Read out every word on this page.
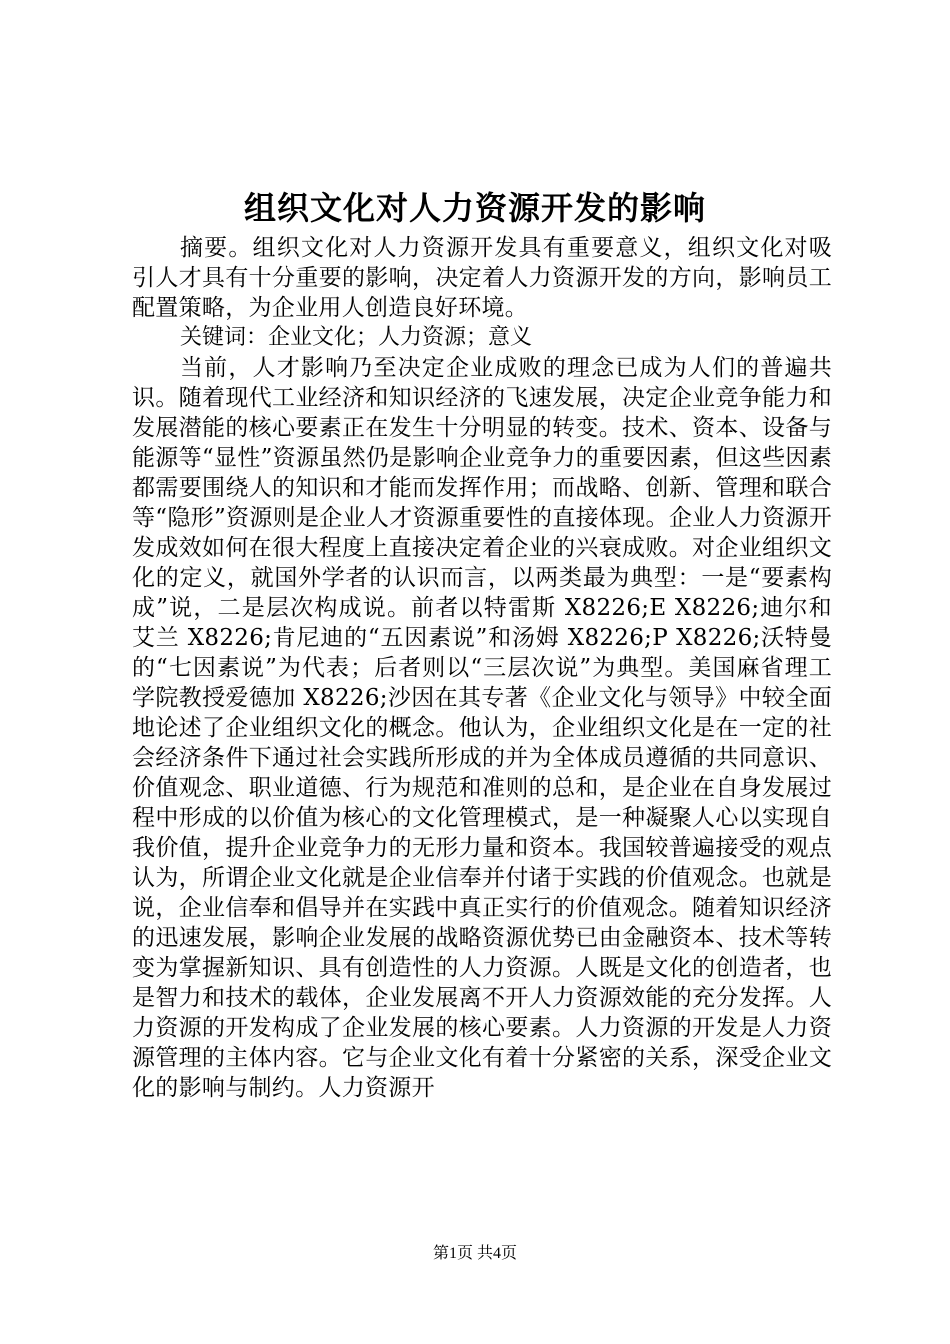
组织文化对人力资源开发的影响

摘要。组织文化对人力资源开发具有重要意义，组织文化对吸引人才具有十分重要的影响，决定着人力资源开发的方向，影响员工配置策略，为企业用人创造良好环境。

关键词：企业文化；人力资源；意义

当前，人才影响乃至决定企业成败的理念已成为人们的普遍共识。随着现代工业经济和知识经济的飞速发展，决定企业竞争能力和发展潜能的核心要素正在发生十分明显的转变。技术、资本、设备与能源等“显性”资源虽然仍是影响企业竞争力的重要因素，但这些因素都需要围绕人的知识和才能而发挥作用；而战略、创新、管理和联合等“隐形”资源则是企业人才资源重要性的直接体现。企业人力资源开发成效如何在很大程度上直接决定着企业的兴衰成败。对企业组织文化的定义，就国外学者的认识而言，以两类最为典型：一是“要素构成”说，二是层次构成说。前者以特雷斯 X8226;E X8226;迪尔和艾兰 X8226;肯尼迪的“五因素说”和汤姆 X8226;P X8226;沃特曼的“七因素说”为代表；后者则以“三层次说”为典型。美国麻省理工学院教授爱德加 X8226;沙因在其专著《企业文化与领导》中较全面地论述了企业组织文化的概念。他认为，企业组织文化是在一定的社会经济条件下通过社会实践所形成的并为全体成员遵循的共同意识、价值观念、职业道德、行为规范和准则的总和，是企业在自身发展过程中形成的以价值为核心的文化管理模式，是一种凝聚人心以实现自我价值，提升企业竞争力的无形力量和资本。我国较普遍接受的观点认为，所谓企业文化就是企业信奉并付诸于实践的价值观念。也就是说，企业信奉和倡导并在实践中真正实行的价值观念。随着知识经济的迅速发展，影响企业发展的战略资源优势已由金融资本、技术等转变为掌握新知识、具有创造性的人力资源。人既是文化的创造者，也是智力和技术的载体，企业发展离不开人力资源效能的充分发挥。人力资源的开发构成了企业发展的核心要素。人力资源的开发是人力资源管理的主体内容。它与企业文化有着十分紧密的关系，深受企业文化的影响与制约。人力资源开

第1页 共4页
